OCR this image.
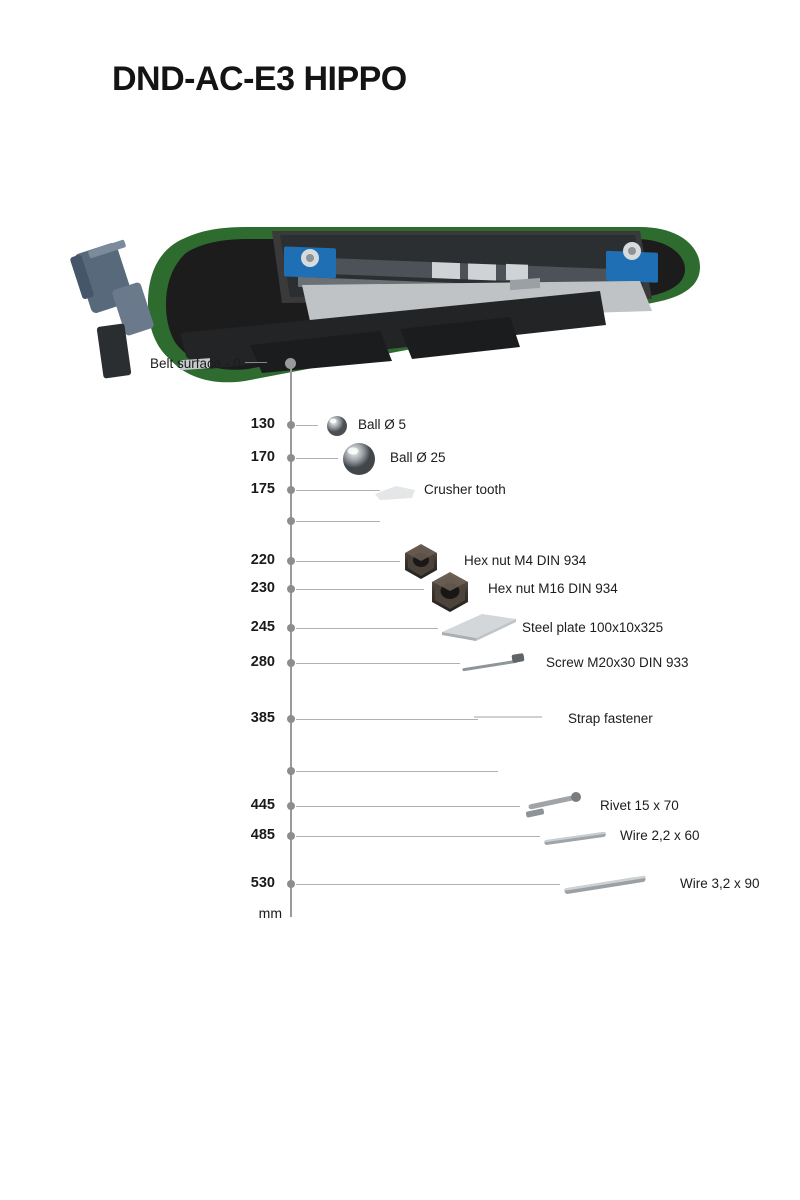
DND-AC-E3 HIPPO
Belt surface - 0
mm
130	Ball Ø 5
170	Ball Ø 25
175	Crusher tooth
220	Hex nut M4 DIN 934
230	Hex nut M16 DIN 934
245	Steel plate 100x10x325
280	Screw M20x30 DIN 933
385	Strap fastener
445	Rivet 15 x 70
485	Wire 2,2 x 60
530	Wire 3,2 x 90
